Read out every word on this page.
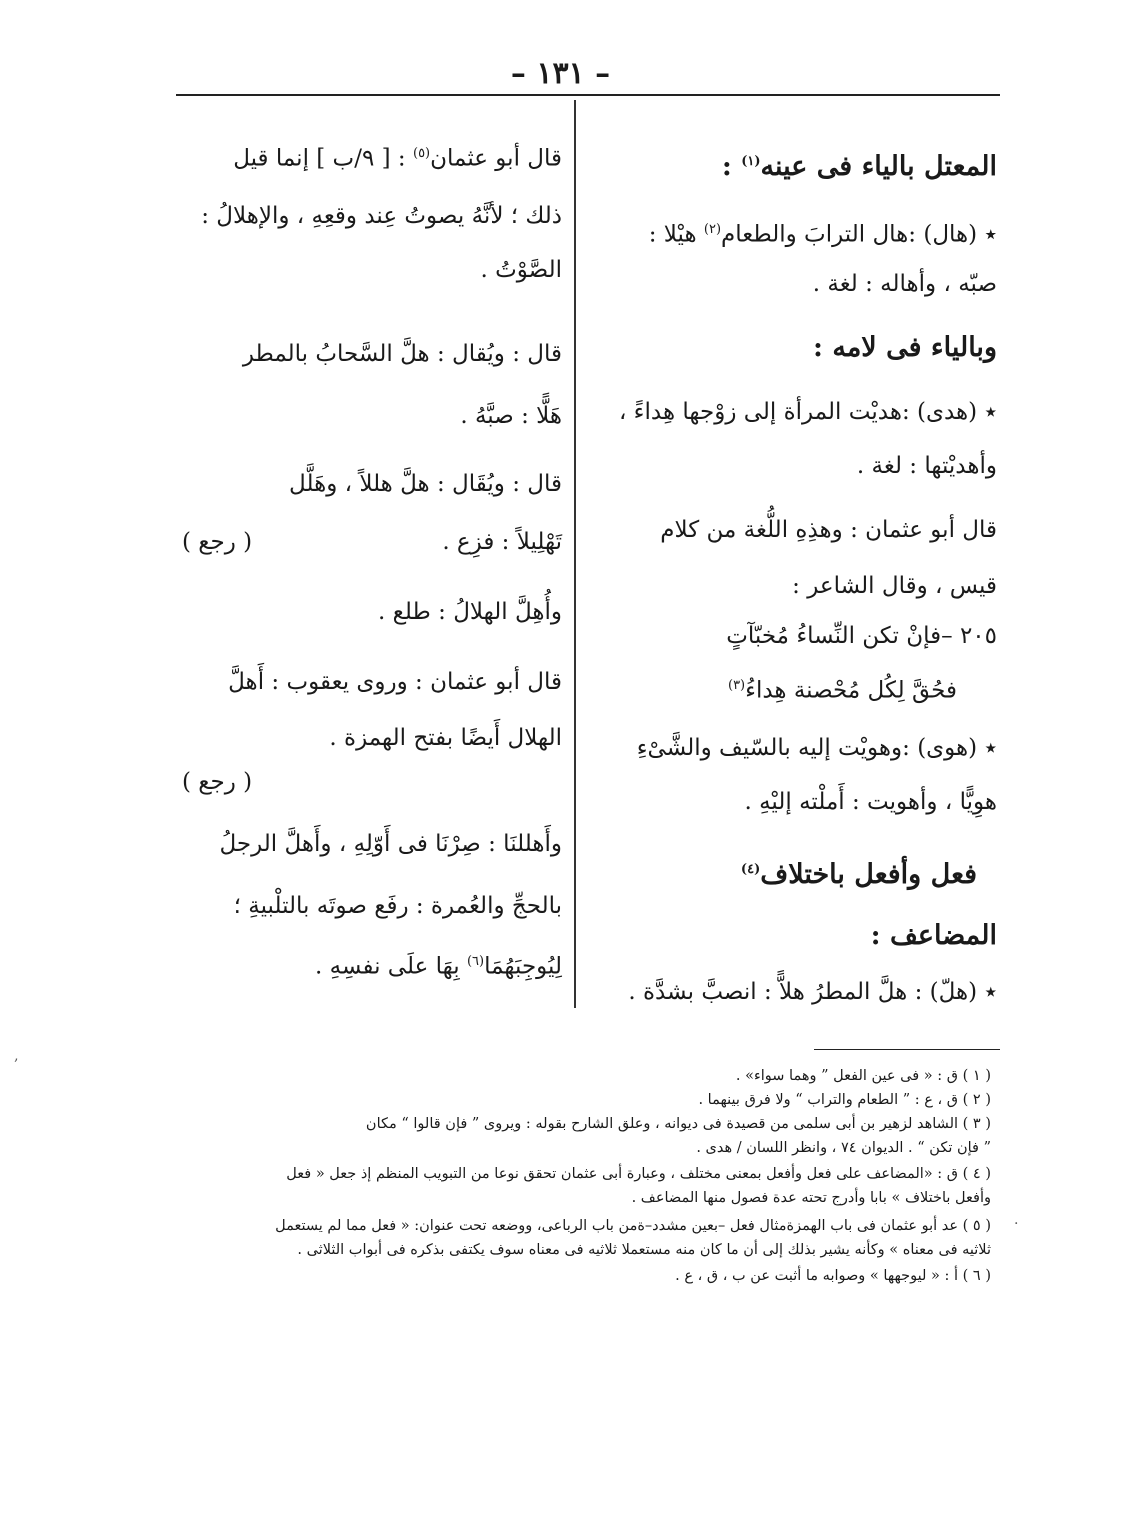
– ١٣١ –
المعتل بالياء فى عينه$^{(١)}$ :
٭ (هال) :هال الترابَ والطعام$^{(٢)}$ هيْلا :
صبّه ، وأهاله : لغة .
وبالياء فى لامه :
٭ (هدى) :هديْت المرأة إلى زوْجها هِداءً ،
وأهديْتها : لغة .
قال أبو عثمان : وهذِهِ اللُّغة من كلام
قيس ، وقال الشاعر :
٢٠٥ –فإنْ تكن النِّساءُ مُخبّآتٍ
فحُقَّ لِكُل مُحْصنة هِداءُ$^{(٣)}$
٭ (هوى) :وهويْت إليه بالسّيف والشَّىْءِ
هوِيًّا ، وأهويت : أَملْته إليْهِ .
فعل وأفعل باختلاف$^{(٤)}$
المضاعف :
٭ (هلّ) : هلَّ المطرُ هلاًّ : انصبَّ بشدَّة .
قال أبو عثمان$^{(٥)}$ : [ ٩/ب ] إنما قيل
ذلك ؛ لأنَّهُ يصوتُ عِند وقعِهِ ، والإهلالُ :
الصَّوْتُ .
قال : ويُقال : هلَّ السَّحابُ بالمطر
هَلًّا : صبَّهُ .
قال : ويُقَال : هلَّ هللاً ، وهَلَّل
تَهْلِيلاً : فزِع .
( رجع )
وأُهِلَّ الهلالُ : طلع .
قال أبو عثمان : وروى يعقوب : أَهلَّ
الهلال أَيضًا بفتح الهمزة .
( رجع )
وأَهللنَا : صِرْنَا فى أَوّلِهِ ، وأَهلَّ الرجلُ
بالحجِّ والعُمرة : رفَع صوتَه بالتلْبيةِ ؛
لِيُوجِبَهُمَا$^{(٦)}$ بِهَا علَى نفسِهِ .
( ١ ) ق : « فى عين الفعل ” وهما سواء» .
( ٢ ) ق ، ع : ” الطعام والتراب “ ولا فرق بينهما .
( ٣ ) الشاهد لزهير بن أبى سلمى من قصيدة فى ديوانه ، وعلق الشارح بقوله : ويروى ” فإن قالوا “ مكان
” فإن تكن “ . الديوان ٧٤ ، وانظر اللسان / هدى .
( ٤ ) ق : «المضاعف على فعل وأفعل بمعنى مختلف ، وعبارة أبى عثمان تحقق نوعا من التبويب المنظم إذ جعل « فعل
وأفعل باختلاف » بابا وأدرج تحته عدة فصول منها المضاعف .
( ٥ ) عد أبو عثمان فى باب الهمزةمثال فعل –بعين مشدد–ةمن باب الرباعى، ووضعه تحت عنوان: « فعل مما لم يستعمل
ثلاثيه فى معناه » وكأنه يشير بذلك إلى أن ما كان منه مستعملا ثلاثيه فى معناه سوف يكتفى بذكره فى أبواب الثلاثى .
( ٦ ) أ : « ليوجهها » وصوابه ما أثبت عن ب ، ق ، ع .
‚
.
